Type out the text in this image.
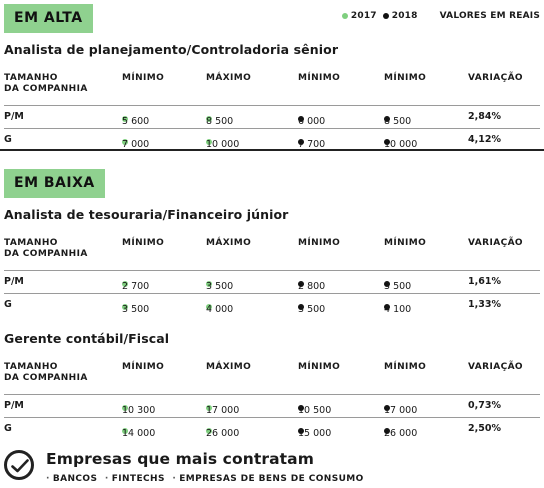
EM ALTA	2017	2018 VALORES EM REAIS
Analista de planejamento/Controladoria sênior
TAMANHO
DA COMPANHIA
MÍNIMO	MÁXIMO	MÍNIMO	MÍNIMO	VARIAÇÃO
P/M	5 600	8 500	6 000	8 500	2,84%
G	7 000	10 000	7 700	10 000	4,12%
EM BAIXA
Analista de tesouraria/Financeiro júnior
TAMANHO
DA COMPANHIA
MÍNIMO	MÁXIMO	MÍNIMO	MÍNIMO	VARIAÇÃO
P/M	2 700	3 500	2 800	3 500	1,61%
G	3 500	4 000	3 500	4 100	1,33%
Gerente contábil/Fiscal
TAMANHO
DA COMPANHIA
MÍNIMO	MÁXIMO	MÍNIMO	MÍNIMO	VARIAÇÃO
P/M	10 300	17 000	10 500	17 000	0,73%
G	14 000	26 000	15 000	26 000	2,50%
Empresas que mais contratam
· BANCOS · FINTECHS · EMPRESAS DE BENS DE CONSUMO
